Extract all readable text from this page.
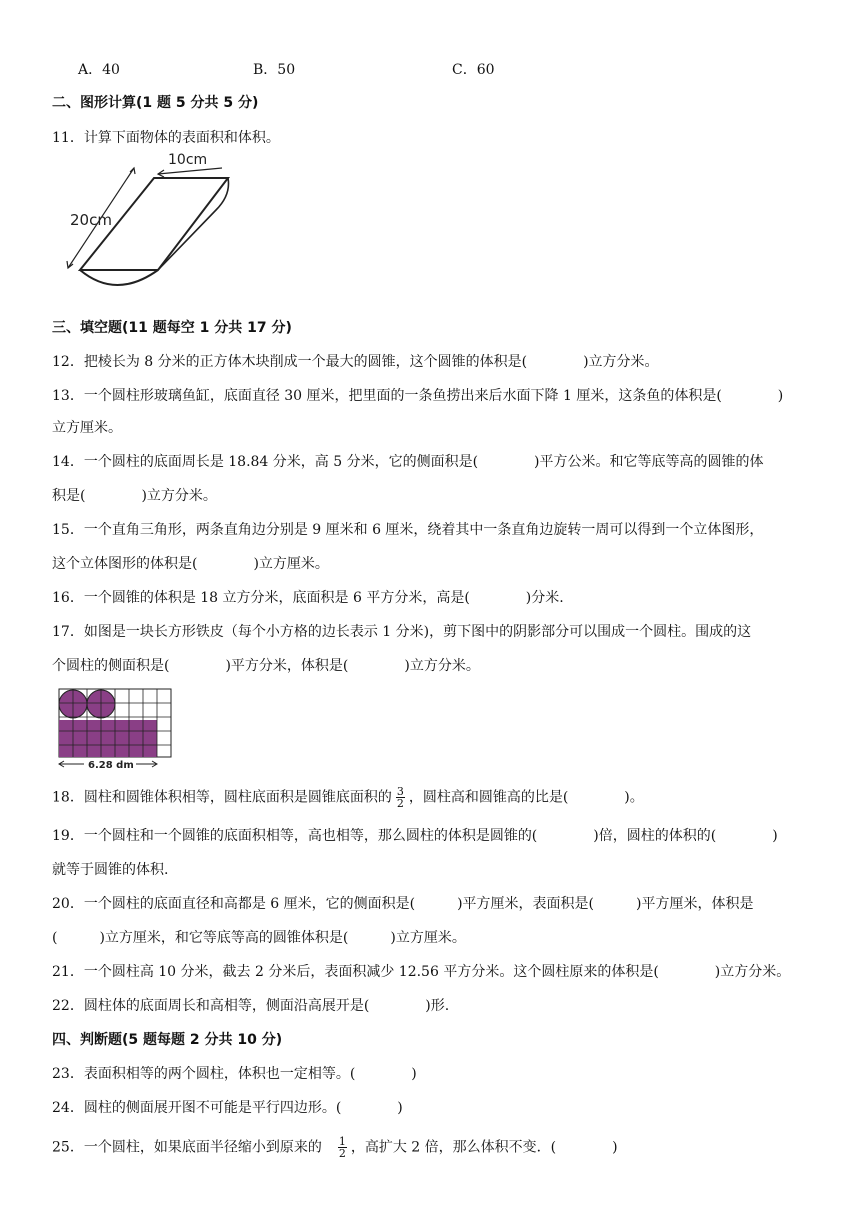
A．40	B．50	C．60
二、图形计算(1 题 5 分共 5 分)
11．计算下面物体的表面积和体积。
10cm
20cm
三、填空题(11 题每空 1 分共 17 分)
12．把棱长为 8 分米的正方体木块削成一个最大的圆锥，这个圆锥的体积是(　　　　)立方分米。
13．一个圆柱形玻璃鱼缸，底面直径 30 厘米，把里面的一条鱼捞出来后水面下降 1 厘米，这条鱼的体积是(　　　　)
立方厘米。
14．一个圆柱的底面周长是 18.84 分米，高 5 分米，它的侧面积是(　　　　)平方公米。和它等底等高的圆锥的体
积是(　　　　)立方分米。
15．一个直角三角形，两条直角边分别是 9 厘米和 6 厘米，绕着其中一条直角边旋转一周可以得到一个立体图形，
这个立体图形的体积是(　　　　)立方厘米。
16．一个圆锥的体积是 18 立方分米，底面积是 6 平方分米，高是(　　　　)分米.
17．如图是一块长方形铁皮（每个小方格的边长表示 1 分米)，剪下图中的阴影部分可以围成一个圆柱。围成的这
个圆柱的侧面积是(　　　　)平方分米，体积是(　　　　)立方分米。
6.28 dm
18．圆柱和圆锥体积相等，圆柱底面积是圆锥底面积的 $\frac{3}{2}$ ，圆柱高和圆锥高的比是(　　　　)。
19．一个圆柱和一个圆锥的底面积相等，高也相等，那么圆柱的体积是圆锥的(　　　　)倍，圆柱的体积的(　　　　)
就等于圆锥的体积.
20．一个圆柱的底面直径和高都是 6 厘米，它的侧面积是(　　　)平方厘米，表面积是(　　　)平方厘米，体积是
(　　　)立方厘米，和它等底等高的圆锥体积是(　　　)立方厘米。
21．一个圆柱高 10 分米，截去 2 分米后，表面积减少 12.56 平方分米。这个圆柱原来的体积是(　　　　)立方分米。
22．圆柱体的底面周长和高相等，侧面沿高展开是(　　　　)形.
四、判断题(5 题每题 2 分共 10 分)
23．表面积相等的两个圆柱，体积也一定相等。(　　　　)
24．圆柱的侧面展开图不可能是平行四边形。(　　　　)
25．一个圆柱，如果底面半径缩小到原来的 $\frac{1}{2}$ ，高扩大 2 倍，那么体积不变．(　　　　)
